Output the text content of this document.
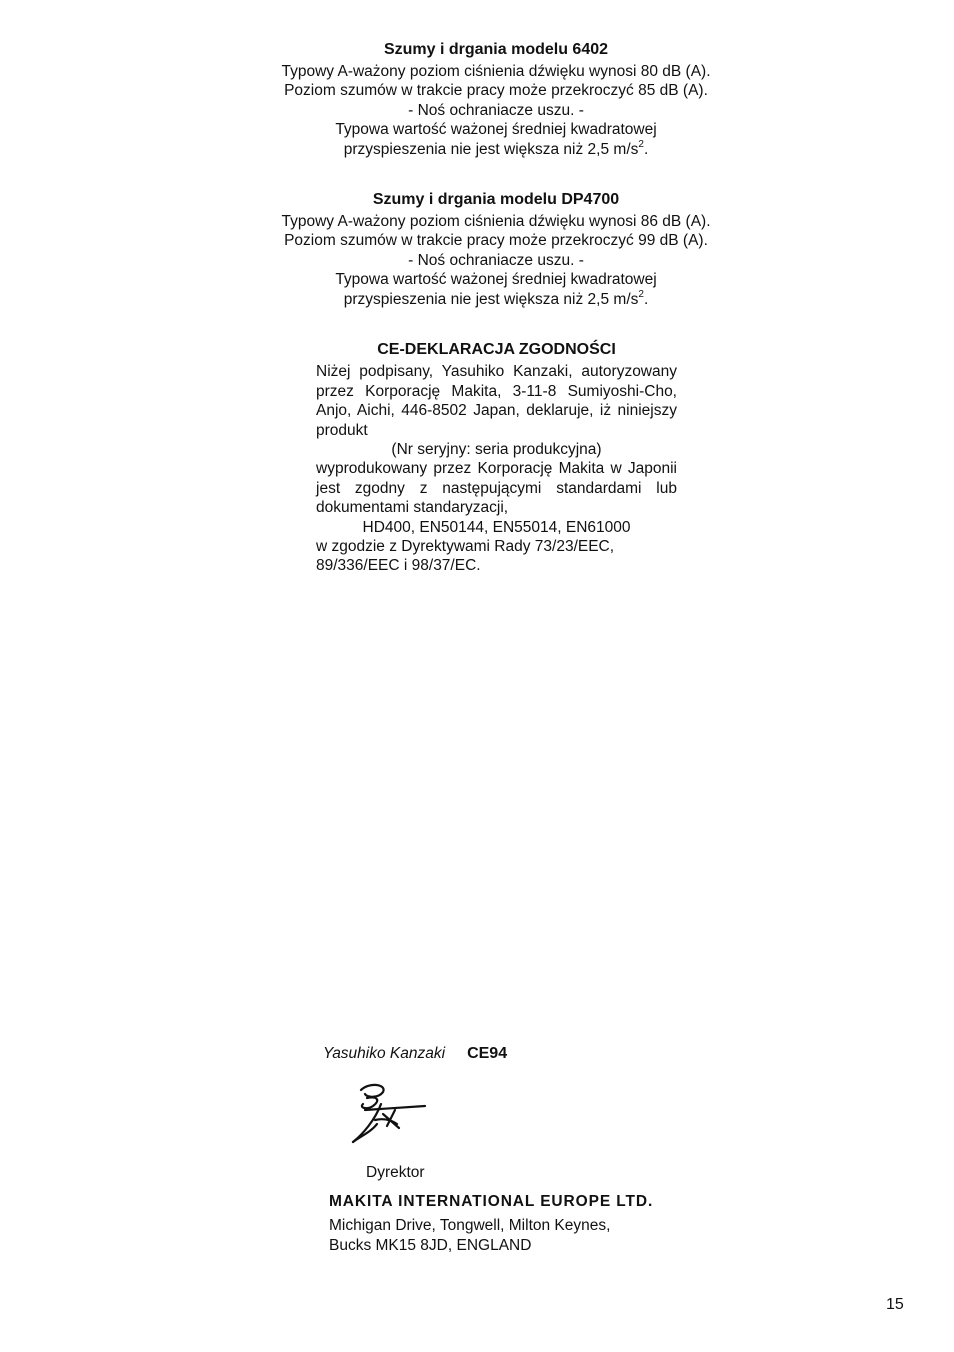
Szumy i drgania modelu 6402
Typowy A-ważony poziom ciśnienia dźwięku wynosi 80 dB (A).
Poziom szumów w trakcie pracy może przekroczyć 85 dB (A).
- Noś ochraniacze uszu. -
Typowa wartość ważonej średniej kwadratowej
przyspieszenia nie jest większa niż 2,5 $m/s^2$.
Szumy i drgania modelu DP4700
Typowy A-ważony poziom ciśnienia dźwięku wynosi 86 dB (A).
Poziom szumów w trakcie pracy może przekroczyć 99 dB (A).
- Noś ochraniacze uszu. -
Typowa wartość ważonej średniej kwadratowej
przyspieszenia nie jest większa niż 2,5 $m/s^2$.
CE-DEKLARACJA ZGODNOŚCI
Niżej podpisany, Yasuhiko Kanzaki, autoryzowany przez Korporację Makita, 3-11-8 Sumiyoshi-Cho, Anjo, Aichi, 446-8502 Japan, deklaruje, iż niniejszy produkt
(Nr seryjny: seria produkcyjna)
wyprodukowany przez Korporację Makita w Japonii jest zgodny z następującymi standardami lub dokumentami standaryzacji,
HD400, EN50144, EN55014, EN61000
w zgodzie z Dyrektywami Rady 73/23/EEC,
89/336/EEC i 98/37/EC.
Yasuhiko Kanzaki CE94
Dyrektor
MAKITA INTERNATIONAL EUROPE LTD.
Michigan Drive, Tongwell, Milton Keynes,
Bucks MK15 8JD, ENGLAND
15
